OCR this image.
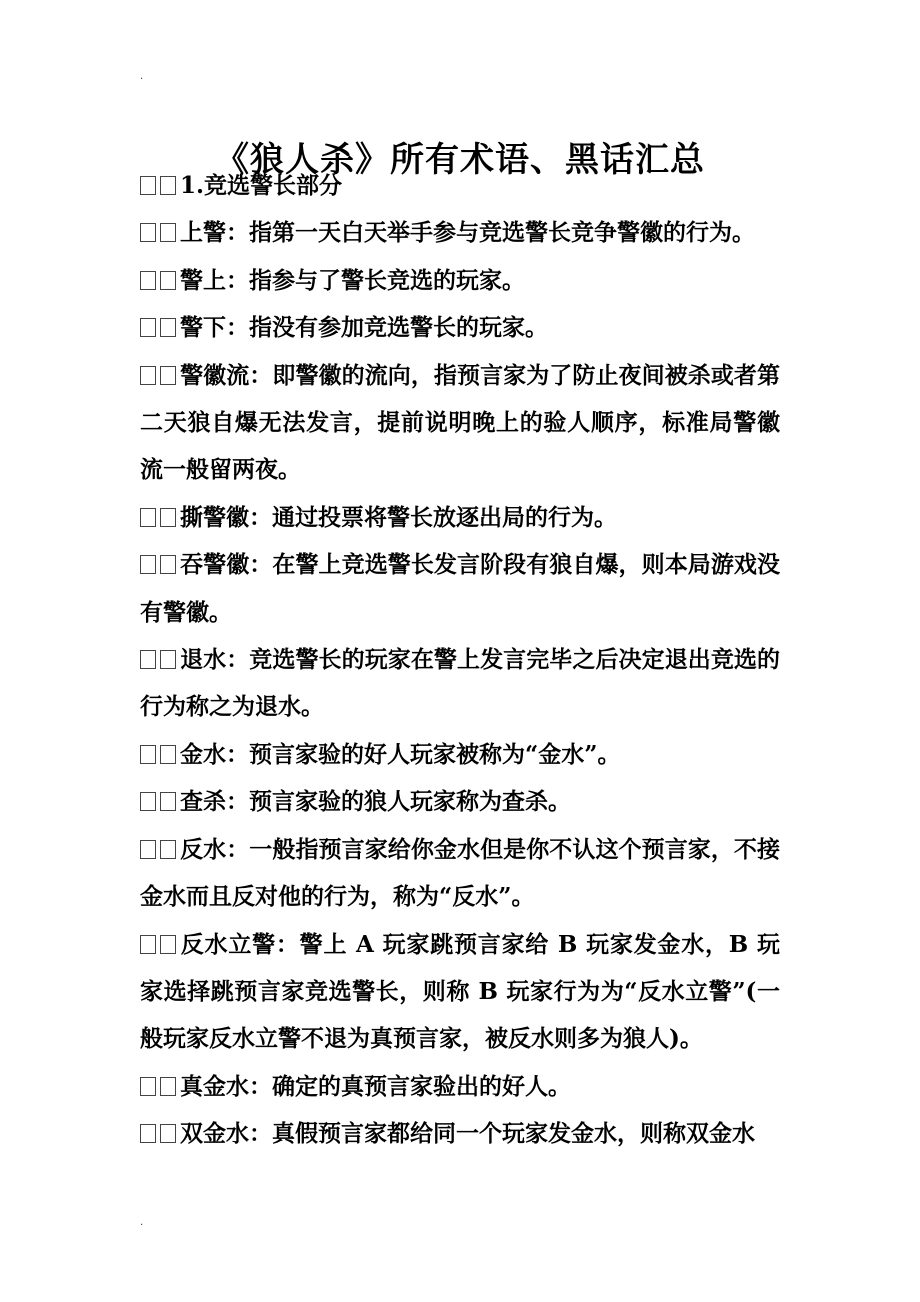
.
《狼人杀》所有术语、黑话汇总

1.竞选警长部分

上警：指第一天白天举手参与竞选警长竞争警徽的行为。

警上：指参与了警长竞选的玩家。

警下：指没有参加竞选警长的玩家。

警徽流：即警徽的流向，指预言家为了防止夜间被杀或者第二天狼自爆无法发言，提前说明晚上的验人顺序，标准局警徽流一般留两夜。

撕警徽：通过投票将警长放逐出局的行为。

吞警徽：在警上竞选警长发言阶段有狼自爆，则本局游戏没有警徽。

退水：竞选警长的玩家在警上发言完毕之后决定退出竞选的行为称之为退水。

金水：预言家验的好人玩家被称为“金水”。

查杀：预言家验的狼人玩家称为查杀。

反水：一般指预言家给你金水但是你不认这个预言家，不接金水而且反对他的行为，称为“反水”。

反水立警：警上 A 玩家跳预言家给 B 玩家发金水，B 玩家选择跳预言家竞选警长，则称 B 玩家行为为“反水立警”(一般玩家反水立警不退为真预言家，被反水则多为狼人)。

真金水：确定的真预言家验出的好人。

双金水：真假预言家都给同一个玩家发金水，则称双金水

.
